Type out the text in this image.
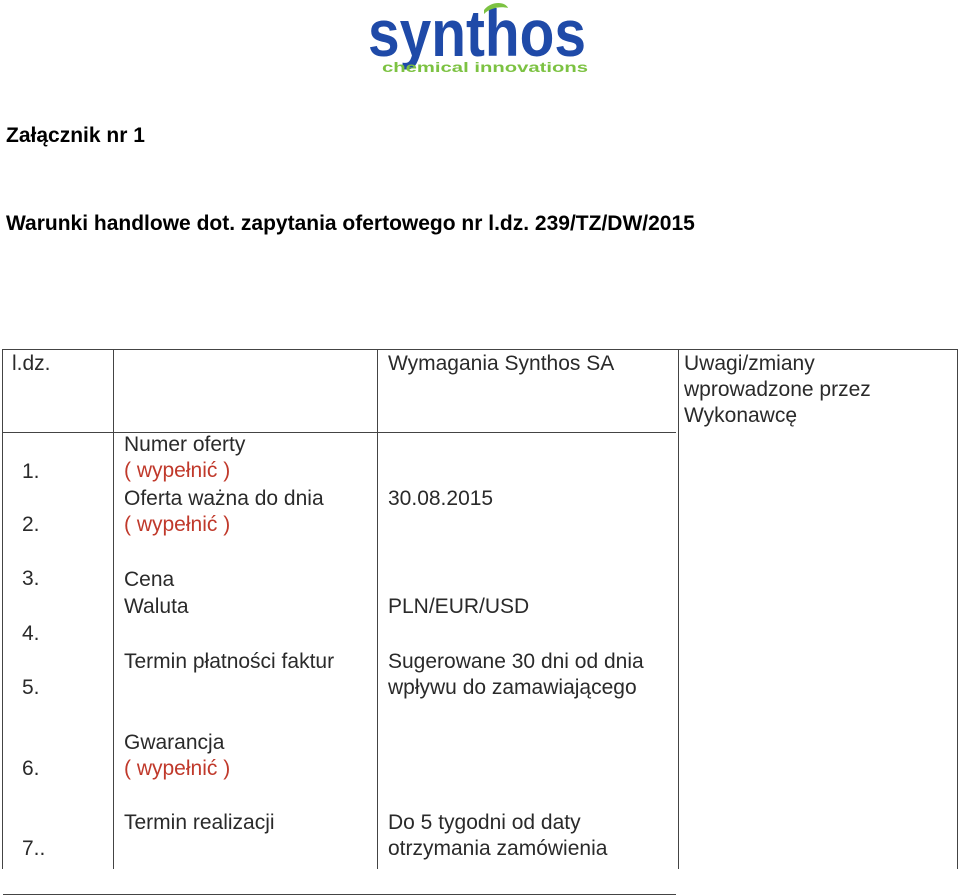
synthos
chemical innovations
Załącznik nr 1
Warunki handlowe dot. zapytania ofertowego nr l.dz. 239/TZ/DW/2015
l.dz.	Wymagania Synthos SA	Uwagi/zmiany wprowadzone przez Wykonawcę
1.
2.
3.
4.
5.
6.
7..
Numer oferty
( wypełnić )
Oferta ważna do dnia
( wypełnić )
Cena
Waluta
Termin płatności faktur
Gwarancja
( wypełnić )
Termin realizacji
30.08.2015
PLN/EUR/USD
Sugerowane 30 dni od dnia wpływu do zamawiającego
Do 5 tygodni od daty otrzymania zamówienia
